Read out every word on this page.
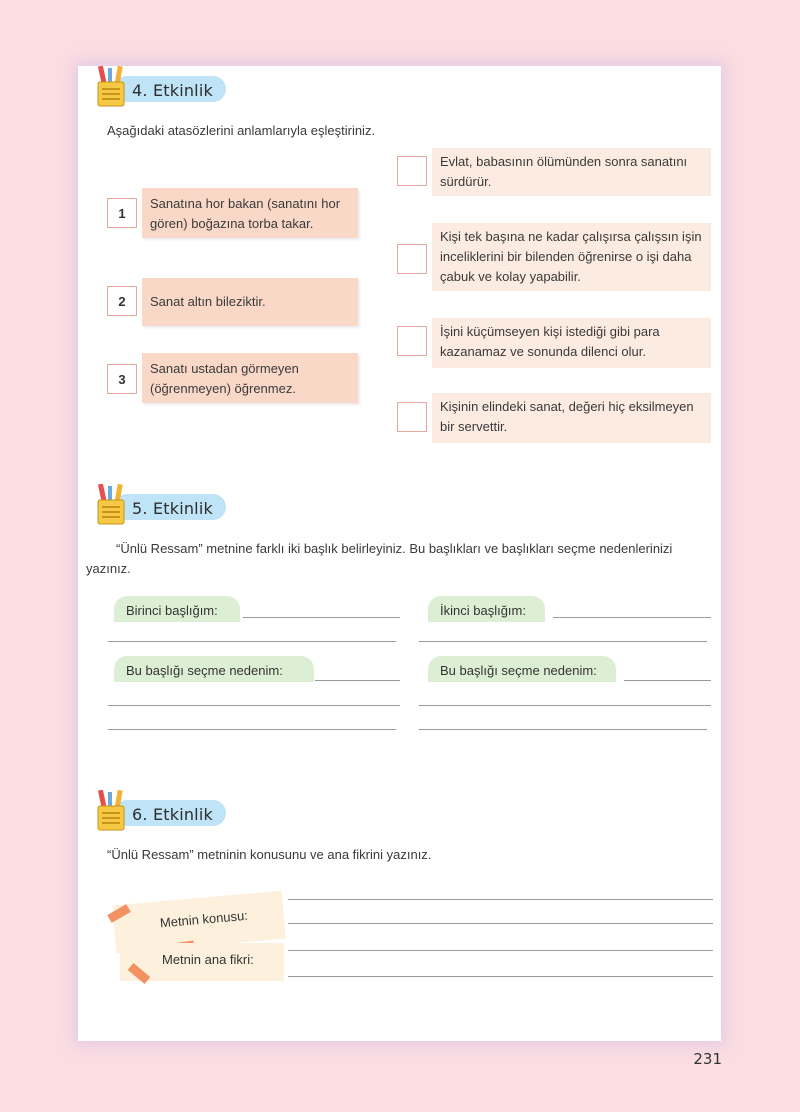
4. Etkinlik
Aşağıdaki atasözlerini anlamlarıyla eşleştiriniz.
1
Sanatına hor bakan (sanatını hor gören) boğazına torba takar.
2	Sanat altın bileziktir.
3
Sanatı ustadan görmeyen (öğrenmeyen) öğrenmez.
Evlat, babasının ölümünden sonra sanatını sürdürür.
Kişi tek başına ne kadar çalışırsa çalışsın işin inceliklerini bir bilenden öğrenirse o işi daha çabuk ve kolay yapabilir.
İşini küçümseyen kişi istediği gibi para kazanamaz ve sonunda dilenci olur.
Kişinin elindeki sanat, değeri hiç eksilmeyen bir servettir.
5. Etkinlik
“Ünlü Ressam” metnine farklı iki başlık belirleyiniz. Bu başlıkları ve başlıkları seçme nedenlerinizi yazınız.
Birinci başlığım:	İkinci başlığım:
Bu başlığı seçme nedenim:	Bu başlığı seçme nedenim:
6. Etkinlik
“Ünlü Ressam” metninin konusunu ve ana fikrini yazınız.
Metnin konusu:
Metnin ana fikri:
231
